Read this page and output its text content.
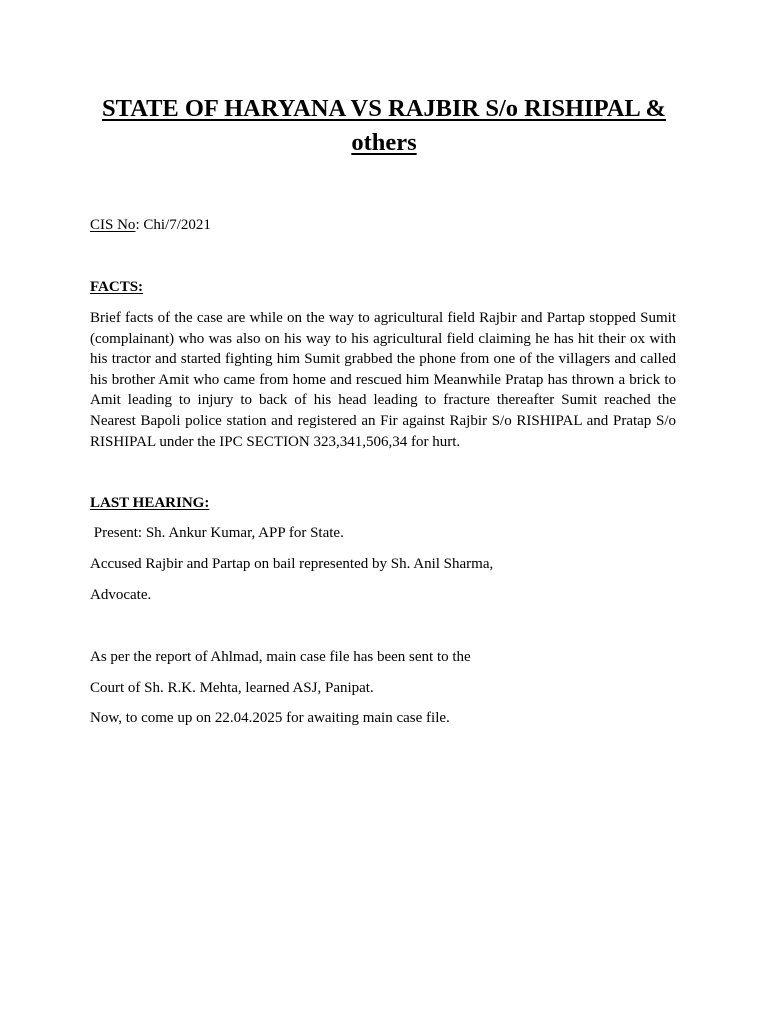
STATE OF HARYANA VS RAJBIR S/o RISHIPAL & others
CIS No: Chi/7/2021
FACTS:

Brief facts of the case are while on the way to agricultural field Rajbir and Partap stopped Sumit (complainant) who was also on his way to his agricultural field claiming he has hit their ox with his tractor and started fighting him Sumit grabbed the phone from one of the villagers and called his brother Amit who came from home and rescued him Meanwhile Pratap has thrown a brick to Amit leading to injury to back of his head leading to fracture thereafter Sumit reached the Nearest Bapoli police station and registered an Fir against Rajbir S/o RISHIPAL and Pratap S/o RISHIPAL under the IPC SECTION 323,341,506,34 for hurt.

LAST HEARING:
Present: Sh. Ankur Kumar, APP for State.
Accused Rajbir and Partap on bail represented by Sh. Anil Sharma,
Advocate.
As per the report of Ahlmad, main case file has been sent to the
Court of Sh. R.K. Mehta, learned ASJ, Panipat.
Now, to come up on 22.04.2025 for awaiting main case file.
